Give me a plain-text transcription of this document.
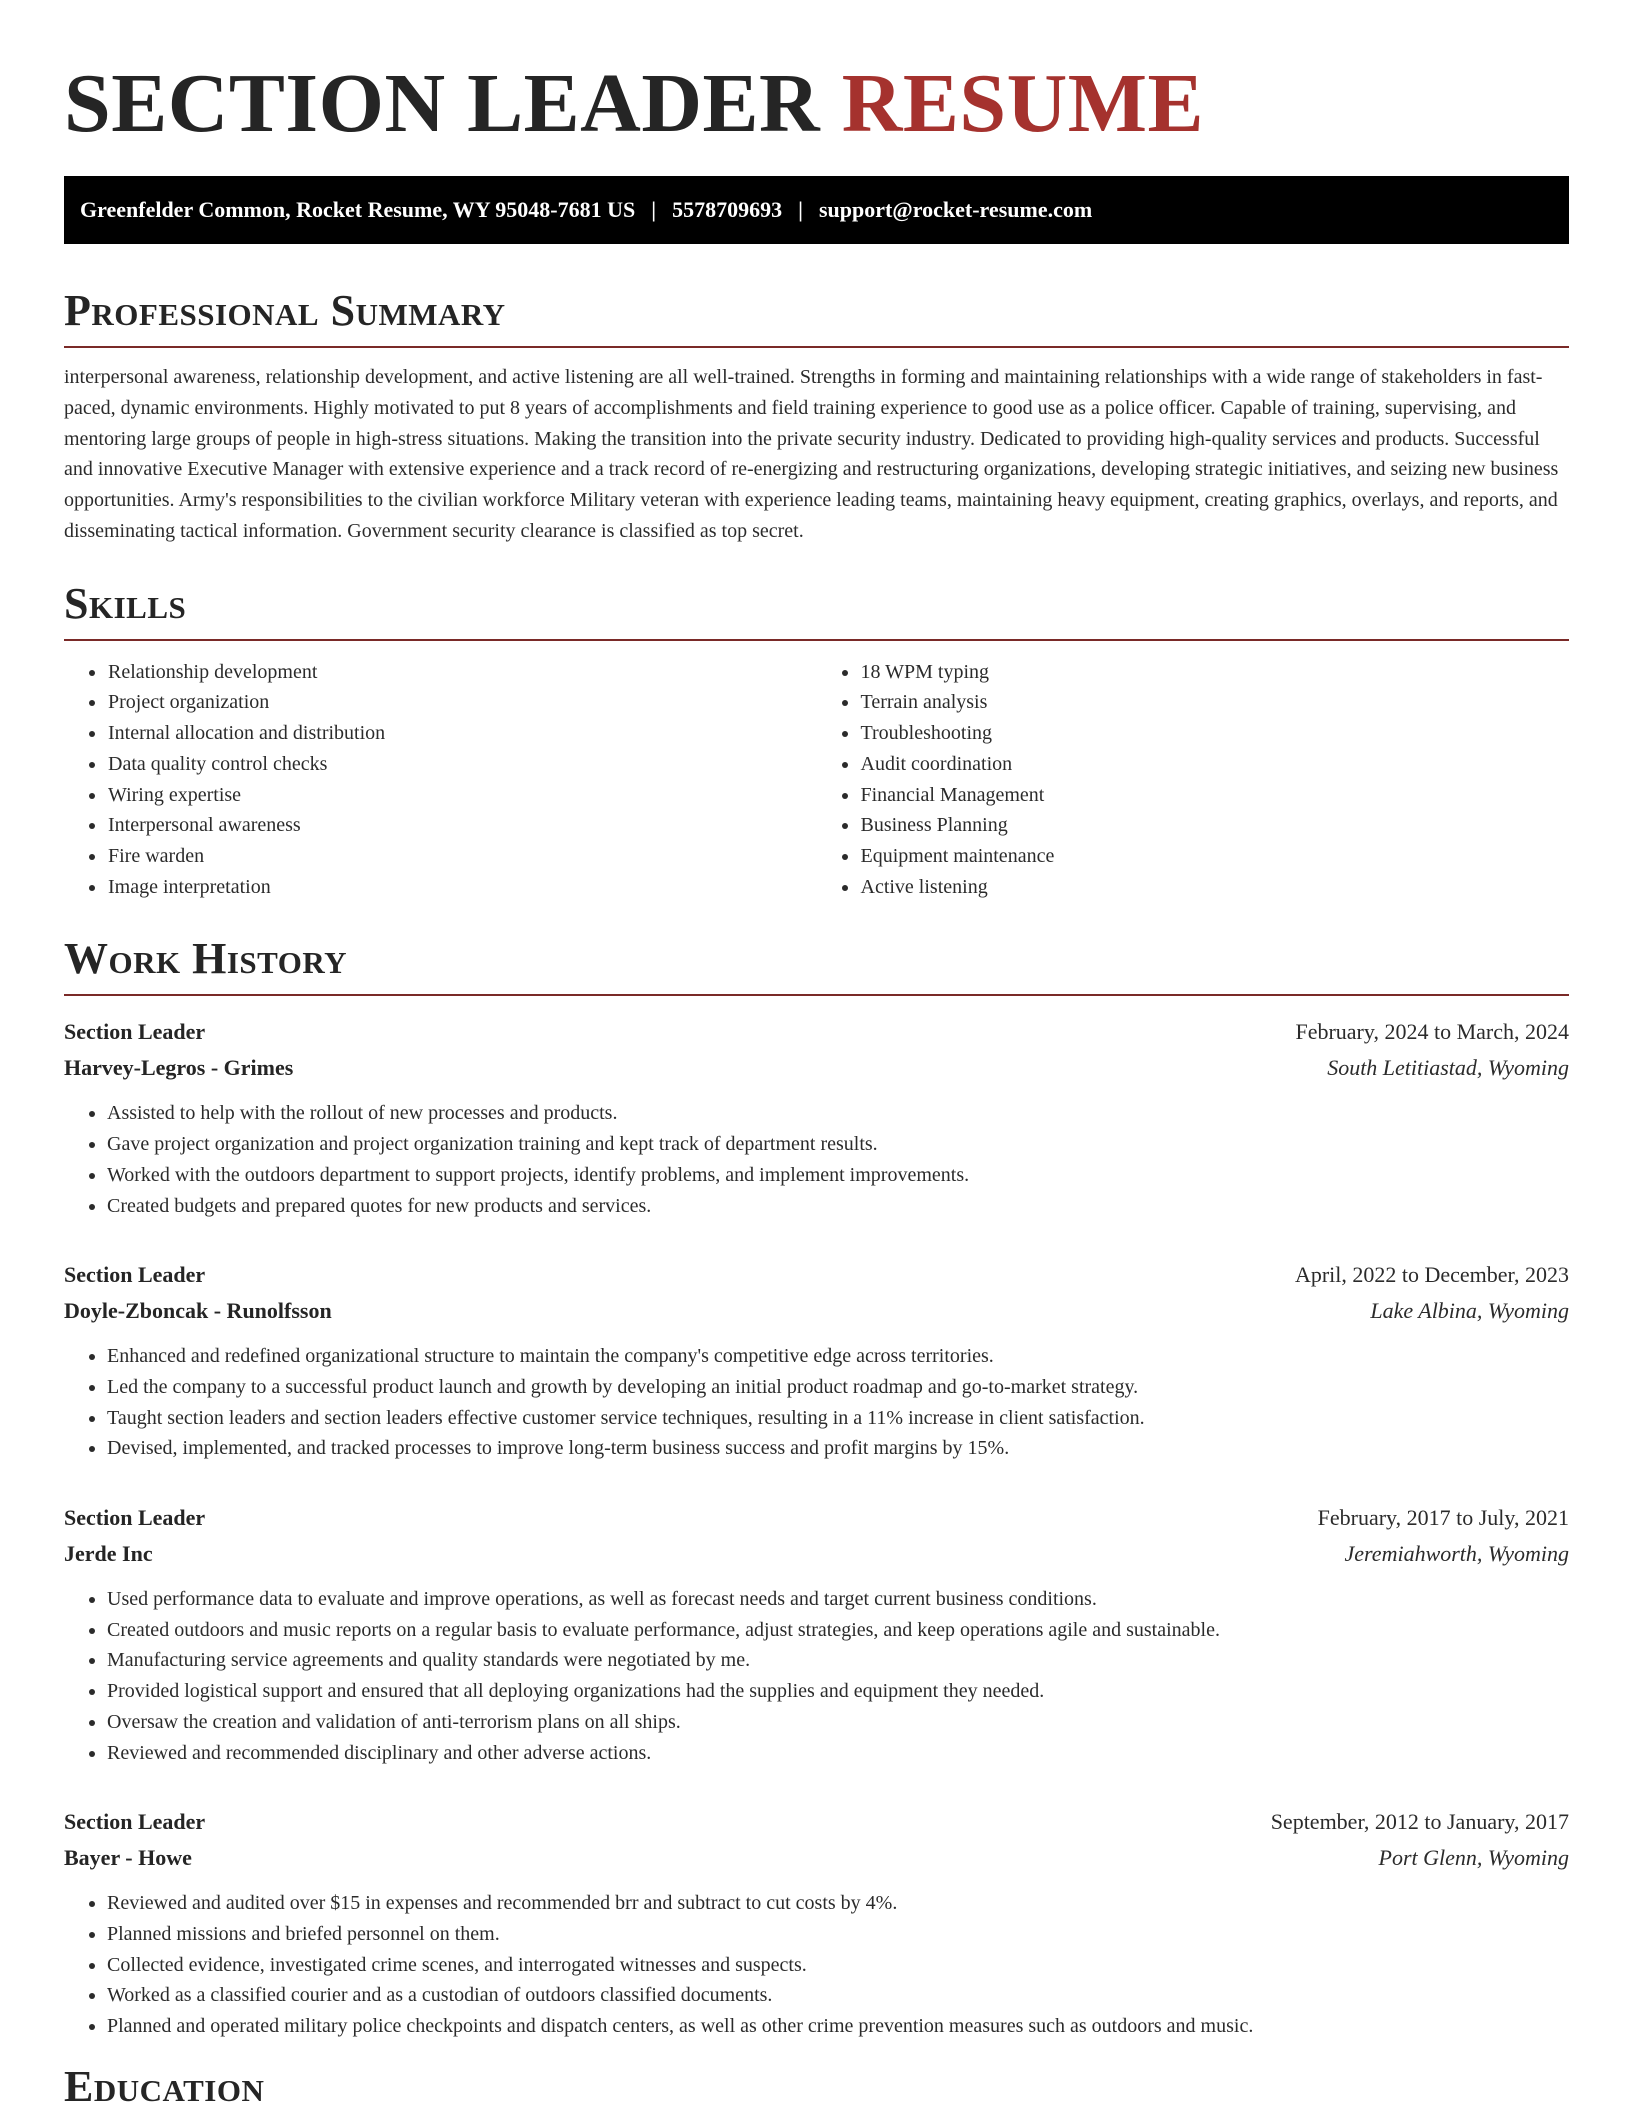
SECTION LEADER RESUME
Greenfelder Common, Rocket Resume, WY 95048-7681 US | 5578709693 | support@rocket-resume.com
Professional Summary

interpersonal awareness, relationship development, and active listening are all well-trained. Strengths in forming and maintaining relationships with a wide range of stakeholders in fast-paced, dynamic environments. Highly motivated to put 8 years of accomplishments and field training experience to good use as a police officer. Capable of training, supervising, and mentoring large groups of people in high-stress situations. Making the transition into the private security industry. Dedicated to providing high-quality services and products. Successful and innovative Executive Manager with extensive experience and a track record of re-energizing and restructuring organizations, developing strategic initiatives, and seizing new business opportunities. Army's responsibilities to the civilian workforce Military veteran with experience leading teams, maintaining heavy equipment, creating graphics, overlays, and reports, and disseminating tactical information. Government security clearance is classified as top secret.

Skills
• Relationship development
• Project organization
• Internal allocation and distribution
• Data quality control checks
• Wiring expertise
• Interpersonal awareness
• Fire warden
• Image interpretation
• 18 WPM typing
• Terrain analysis
• Troubleshooting
• Audit coordination
• Financial Management
• Business Planning
• Equipment maintenance
• Active listening
Work History
Section Leader	February, 2024 to March, 2024
Harvey-Legros - Grimes	South Letitiastad, Wyoming
• Assisted to help with the rollout of new processes and products.
• Gave project organization and project organization training and kept track of department results.
• Worked with the outdoors department to support projects, identify problems, and implement improvements.
• Created budgets and prepared quotes for new products and services.
Section Leader	April, 2022 to December, 2023
Doyle-Zboncak - Runolfsson	Lake Albina, Wyoming
• Enhanced and redefined organizational structure to maintain the company's competitive edge across territories.
• Led the company to a successful product launch and growth by developing an initial product roadmap and go-to-market strategy.
• Taught section leaders and section leaders effective customer service techniques, resulting in a 11% increase in client satisfaction.
• Devised, implemented, and tracked processes to improve long-term business success and profit margins by 15%.
Section Leader	February, 2017 to July, 2021
Jerde Inc	Jeremiahworth, Wyoming
• Used performance data to evaluate and improve operations, as well as forecast needs and target current business conditions.
• Created outdoors and music reports on a regular basis to evaluate performance, adjust strategies, and keep operations agile and sustainable.
• Manufacturing service agreements and quality standards were negotiated by me.
• Provided logistical support and ensured that all deploying organizations had the supplies and equipment they needed.
• Oversaw the creation and validation of anti-terrorism plans on all ships.
• Reviewed and recommended disciplinary and other adverse actions.
Section Leader	September, 2012 to January, 2017
Bayer - Howe	Port Glenn, Wyoming
• Reviewed and audited over $15 in expenses and recommended brr and subtract to cut costs by 4%.
• Planned missions and briefed personnel on them.
• Collected evidence, investigated crime scenes, and interrogated witnesses and suspects.
• Worked as a classified courier and as a custodian of outdoors classified documents.
• Planned and operated military police checkpoints and dispatch centers, as well as other crime prevention measures such as outdoors and music.
Education
